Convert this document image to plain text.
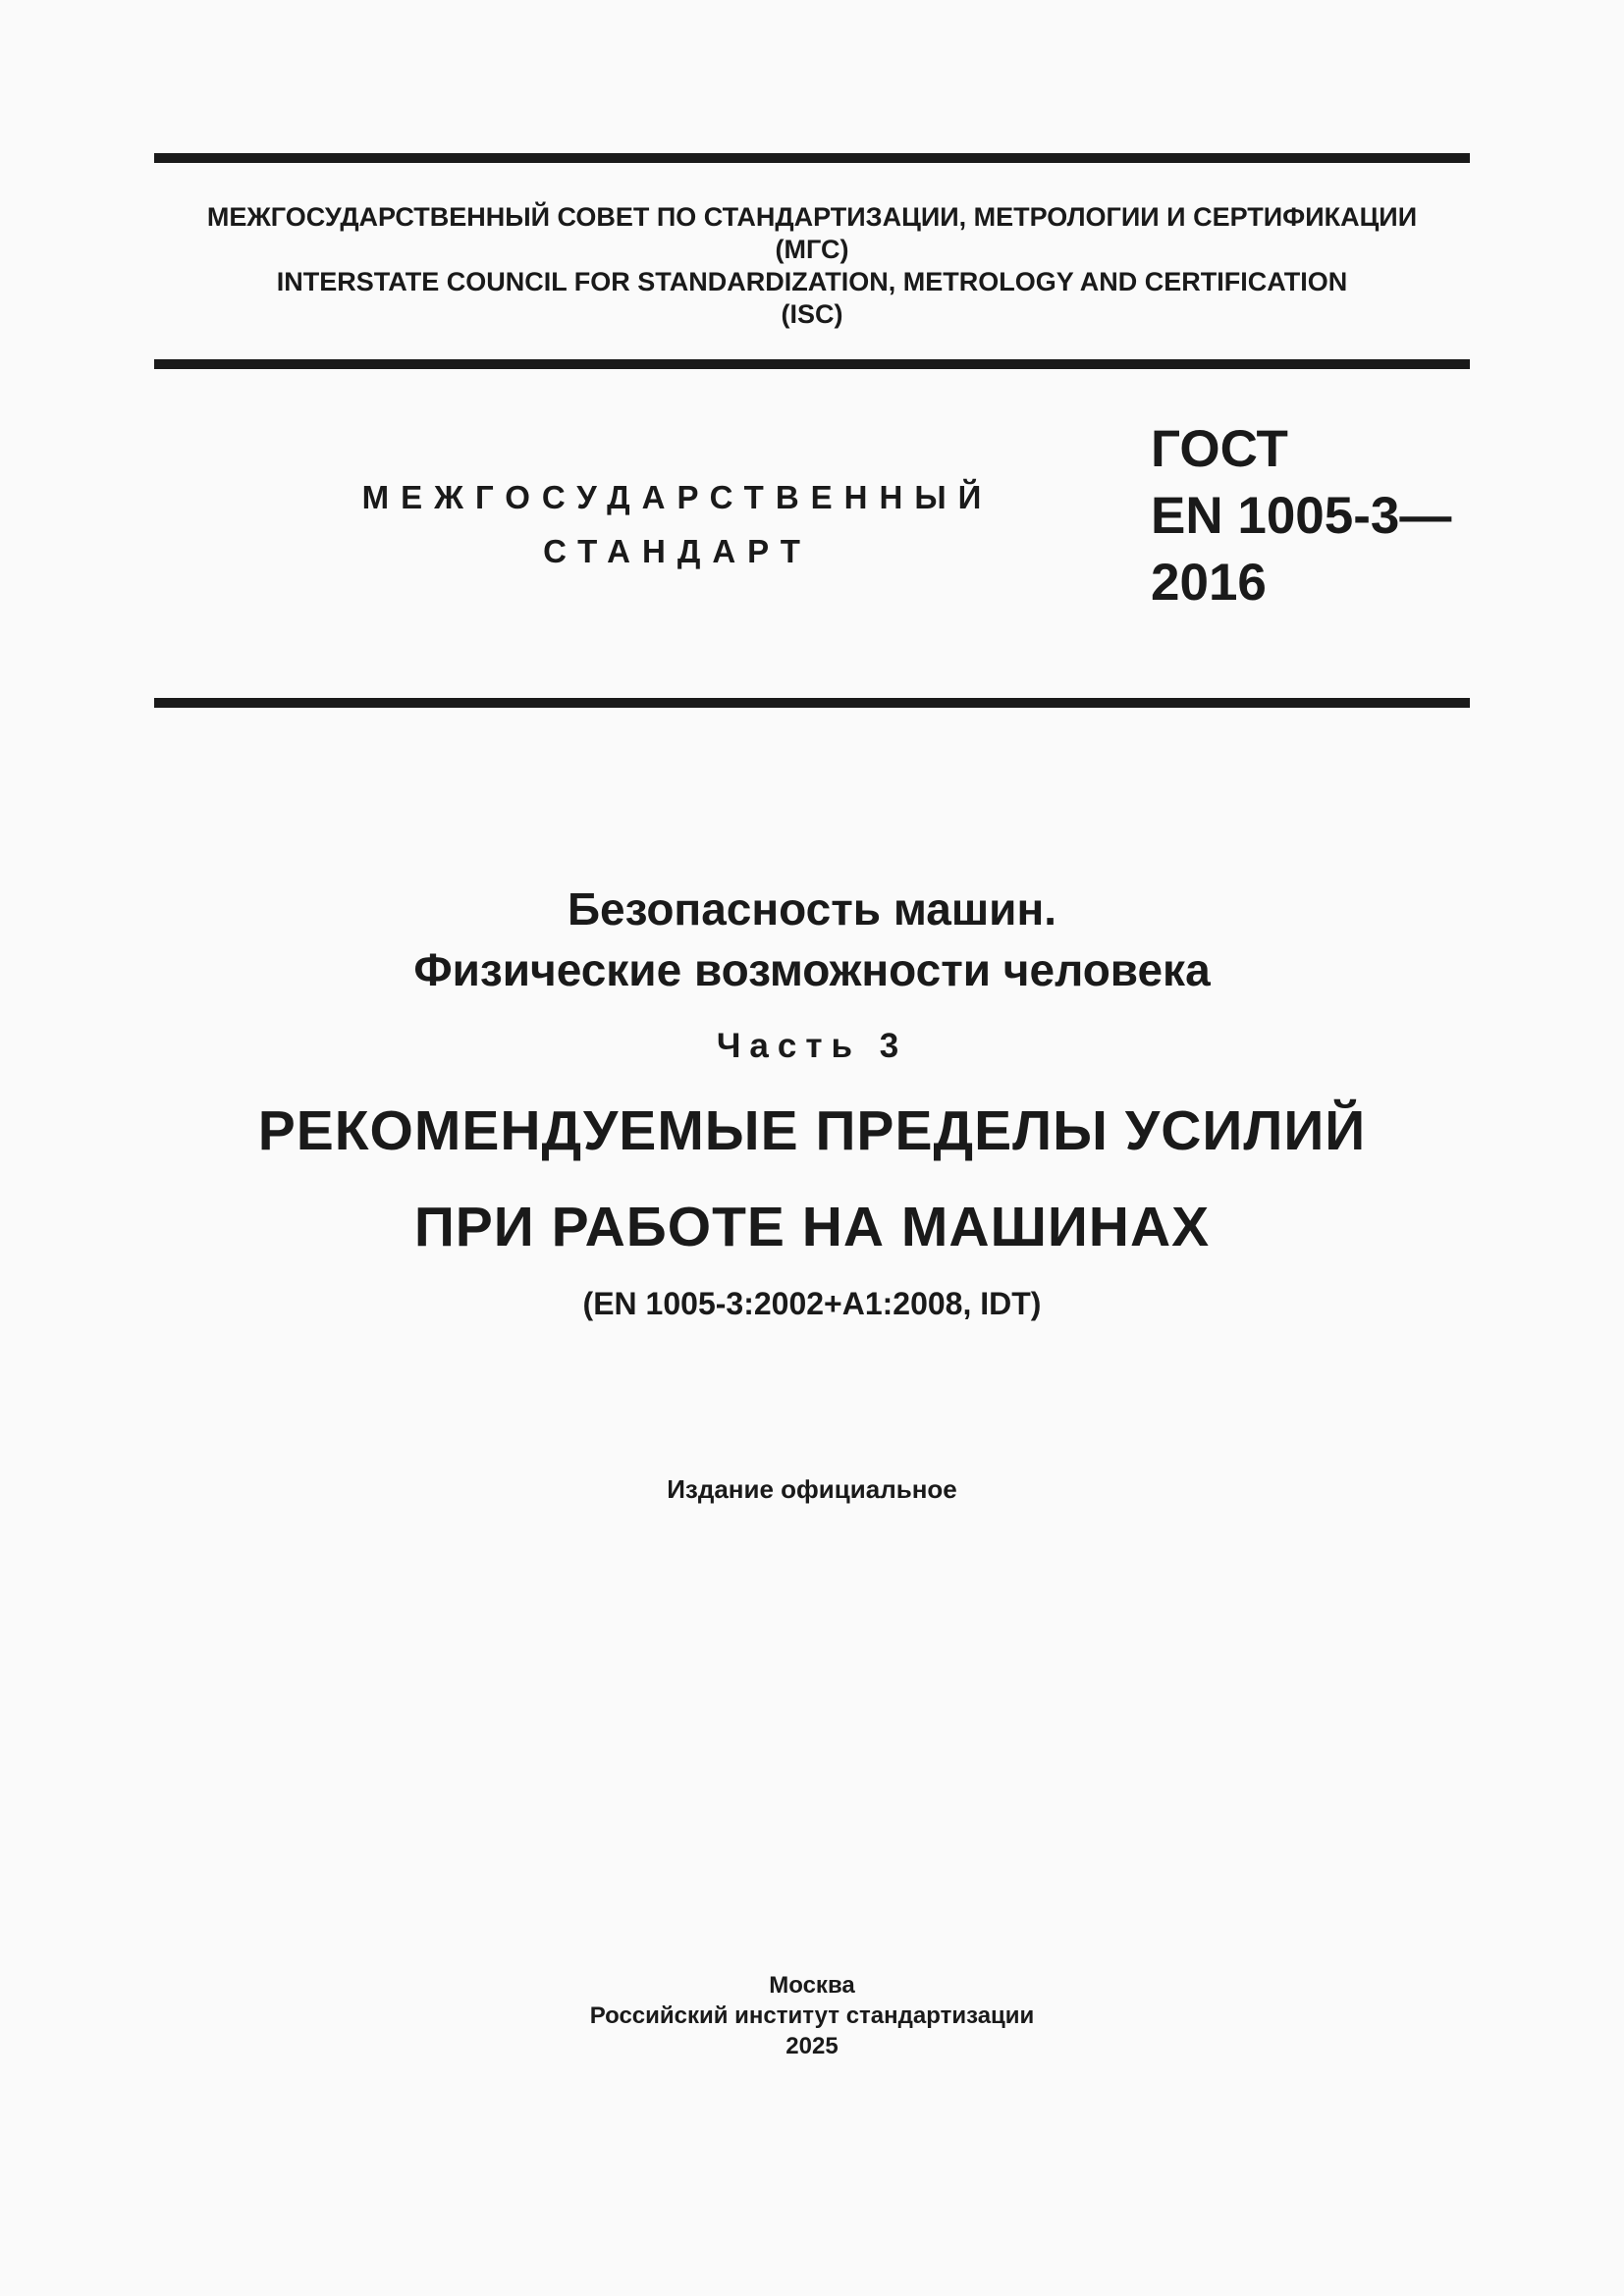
МЕЖГОСУДАРСТВЕННЫЙ СОВЕТ ПО СТАНДАРТИЗАЦИИ, МЕТРОЛОГИИ И СЕРТИФИКАЦИИ
(МГС)
INTERSTATE COUNCIL FOR STANDARDIZATION, METROLOGY AND CERTIFICATION
(ISC)
МЕЖГОСУДАРСТВЕННЫЙ
СТАНДАРТ
ГОСТ
EN 1005-3—
2016
Безопасность машин.
Физические возможности человека
Часть 3
РЕКОМЕНДУЕМЫЕ ПРЕДЕЛЫ УСИЛИЙ
ПРИ РАБОТЕ НА МАШИНАХ
(EN 1005-3:2002+A1:2008, IDT)
Издание официальное
Москва
Российский институт стандартизации
2025
